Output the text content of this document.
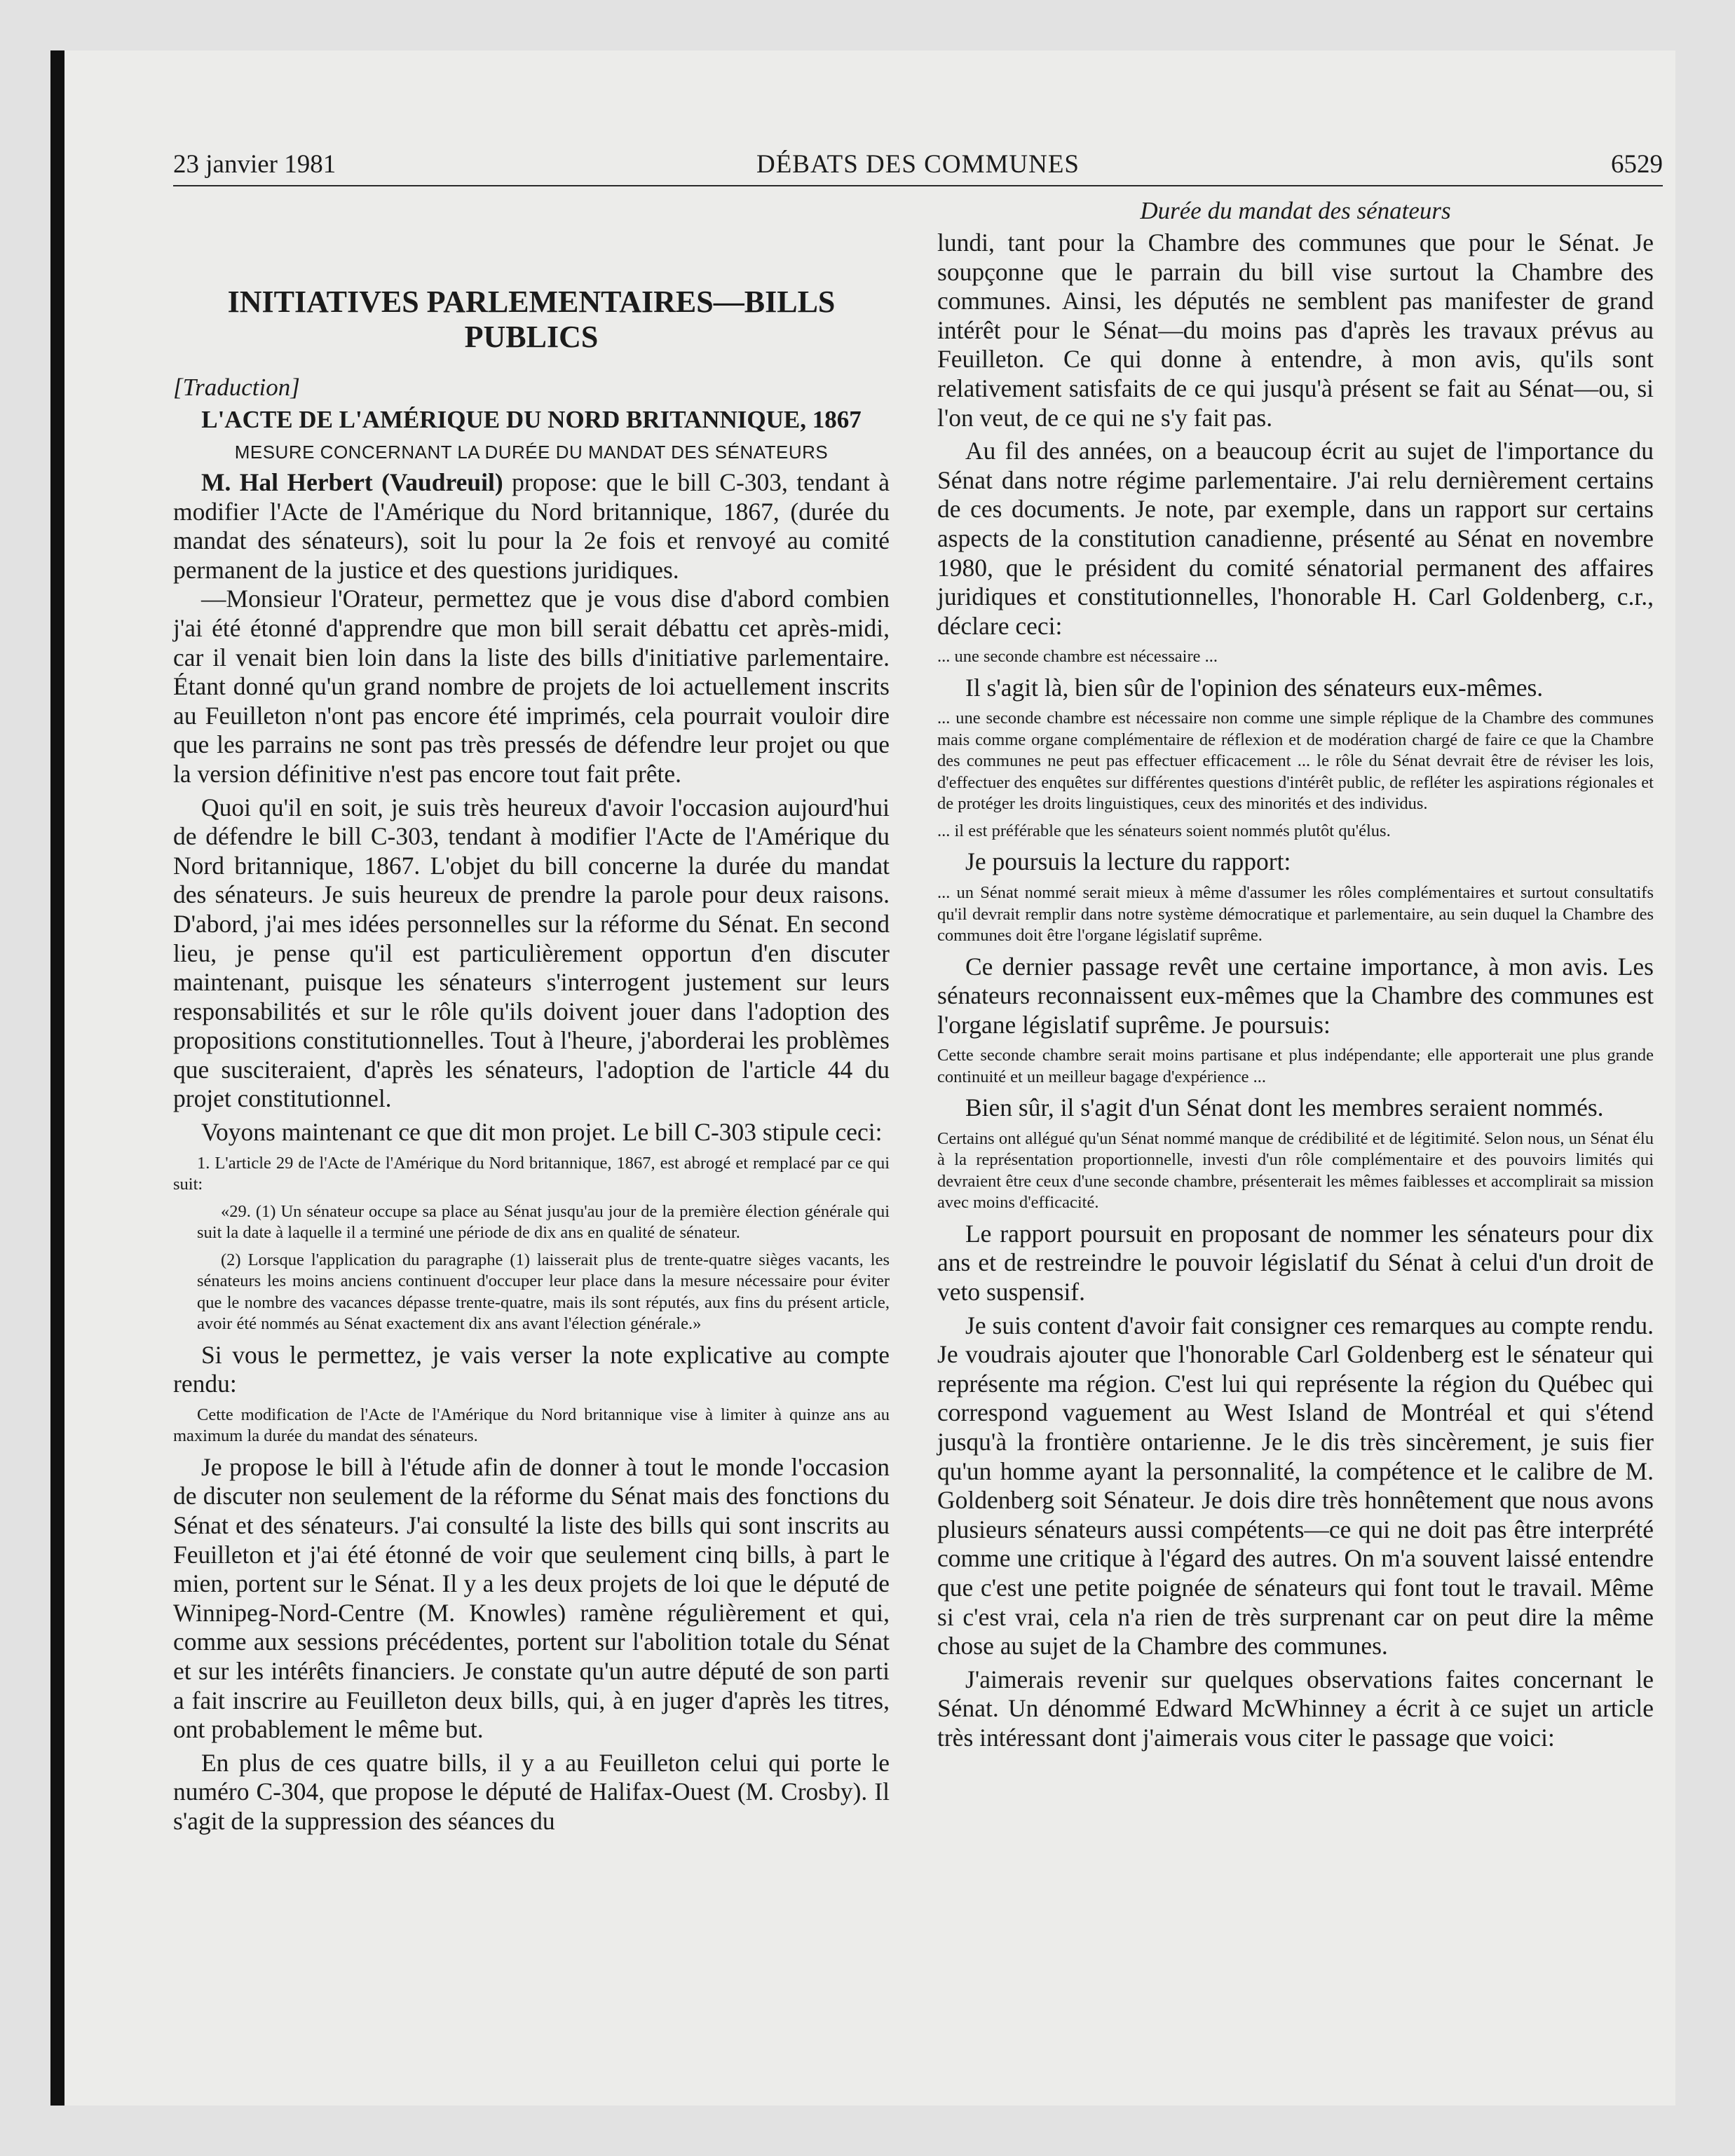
23 janvier 1981	DÉBATS DES COMMUNES	6529
INITIATIVES PARLEMENTAIRES—BILLS PUBLICS
[Traduction]
L'ACTE DE L'AMÉRIQUE DU NORD BRITANNIQUE, 1867
MESURE CONCERNANT LA DURÉE DU MANDAT DES SÉNATEURS

M. Hal Herbert (Vaudreuil) propose: que le bill C-303, tendant à modifier l'Acte de l'Amérique du Nord britannique, 1867, (durée du mandat des sénateurs), soit lu pour la 2e fois et renvoyé au comité permanent de la justice et des questions juridiques.

—Monsieur l'Orateur, permettez que je vous dise d'abord combien j'ai été étonné d'apprendre que mon bill serait débattu cet après-midi, car il venait bien loin dans la liste des bills d'initiative parlementaire. Étant donné qu'un grand nombre de projets de loi actuellement inscrits au Feuilleton n'ont pas encore été imprimés, cela pourrait vouloir dire que les parrains ne sont pas très pressés de défendre leur projet ou que la version définitive n'est pas encore tout fait prête.

Quoi qu'il en soit, je suis très heureux d'avoir l'occasion aujourd'hui de défendre le bill C-303, tendant à modifier l'Acte de l'Amérique du Nord britannique, 1867. L'objet du bill concerne la durée du mandat des sénateurs. Je suis heureux de prendre la parole pour deux raisons. D'abord, j'ai mes idées personnelles sur la réforme du Sénat. En second lieu, je pense qu'il est particulièrement opportun d'en discuter maintenant, puisque les sénateurs s'interrogent justement sur leurs responsabilités et sur le rôle qu'ils doivent jouer dans l'adoption des propositions constitutionnelles. Tout à l'heure, j'aborderai les problèmes que susciteraient, d'après les sénateurs, l'adoption de l'article 44 du projet constitutionnel.

Voyons maintenant ce que dit mon projet. Le bill C-303 stipule ceci:

1. L'article 29 de l'Acte de l'Amérique du Nord britannique, 1867, est abrogé et remplacé par ce qui suit:
«29. (1) Un sénateur occupe sa place au Sénat jusqu'au jour de la première élection générale qui suit la date à laquelle il a terminé une période de dix ans en qualité de sénateur.
(2) Lorsque l'application du paragraphe (1) laisserait plus de trente-quatre sièges vacants, les sénateurs les moins anciens continuent d'occuper leur place dans la mesure nécessaire pour éviter que le nombre des vacances dépasse trente-quatre, mais ils sont réputés, aux fins du présent article, avoir été nommés au Sénat exactement dix ans avant l'élection générale.»

Si vous le permettez, je vais verser la note explicative au compte rendu:

Cette modification de l'Acte de l'Amérique du Nord britannique vise à limiter à quinze ans au maximum la durée du mandat des sénateurs.

Je propose le bill à l'étude afin de donner à tout le monde l'occasion de discuter non seulement de la réforme du Sénat mais des fonctions du Sénat et des sénateurs. J'ai consulté la liste des bills qui sont inscrits au Feuilleton et j'ai été étonné de voir que seulement cinq bills, à part le mien, portent sur le Sénat. Il y a les deux projets de loi que le député de Winnipeg-Nord-Centre (M. Knowles) ramène régulièrement et qui, comme aux sessions précédentes, portent sur l'abolition totale du Sénat et sur les intérêts financiers. Je constate qu'un autre député de son parti a fait inscrire au Feuilleton deux bills, qui, à en juger d'après les titres, ont probablement le même but.

En plus de ces quatre bills, il y a au Feuilleton celui qui porte le numéro C-304, que propose le député de Halifax-Ouest (M. Crosby). Il s'agit de la suppression des séances du

Durée du mandat des sénateurs

lundi, tant pour la Chambre des communes que pour le Sénat. Je soupçonne que le parrain du bill vise surtout la Chambre des communes. Ainsi, les députés ne semblent pas manifester de grand intérêt pour le Sénat—du moins pas d'après les travaux prévus au Feuilleton. Ce qui donne à entendre, à mon avis, qu'ils sont relativement satisfaits de ce qui jusqu'à présent se fait au Sénat—ou, si l'on veut, de ce qui ne s'y fait pas.

Au fil des années, on a beaucoup écrit au sujet de l'importance du Sénat dans notre régime parlementaire. J'ai relu dernièrement certains de ces documents. Je note, par exemple, dans un rapport sur certains aspects de la constitution canadienne, présenté au Sénat en novembre 1980, que le président du comité sénatorial permanent des affaires juridiques et constitutionnelles, l'honorable H. Carl Goldenberg, c.r., déclare ceci:

... une seconde chambre est nécessaire ...

Il s'agit là, bien sûr de l'opinion des sénateurs eux-mêmes.

... une seconde chambre est nécessaire non comme une simple réplique de la Chambre des communes mais comme organe complémentaire de réflexion et de modération chargé de faire ce que la Chambre des communes ne peut pas effectuer efficacement ... le rôle du Sénat devrait être de réviser les lois, d'effectuer des enquêtes sur différentes questions d'intérêt public, de refléter les aspirations régionales et de protéger les droits linguistiques, ceux des minorités et des individus.
... il est préférable que les sénateurs soient nommés plutôt qu'élus.

Je poursuis la lecture du rapport:

... un Sénat nommé serait mieux à même d'assumer les rôles complémentaires et surtout consultatifs qu'il devrait remplir dans notre système démocratique et parlementaire, au sein duquel la Chambre des communes doit être l'organe législatif suprême.

Ce dernier passage revêt une certaine importance, à mon avis. Les sénateurs reconnaissent eux-mêmes que la Chambre des communes est l'organe législatif suprême. Je poursuis:

Cette seconde chambre serait moins partisane et plus indépendante; elle apporterait une plus grande continuité et un meilleur bagage d'expérience ...

Bien sûr, il s'agit d'un Sénat dont les membres seraient nommés.

Certains ont allégué qu'un Sénat nommé manque de crédibilité et de légitimité. Selon nous, un Sénat élu à la représentation proportionnelle, investi d'un rôle complémentaire et des pouvoirs limités qui devraient être ceux d'une seconde chambre, présenterait les mêmes faiblesses et accomplirait sa mission avec moins d'efficacité.

Le rapport poursuit en proposant de nommer les sénateurs pour dix ans et de restreindre le pouvoir législatif du Sénat à celui d'un droit de veto suspensif.

Je suis content d'avoir fait consigner ces remarques au compte rendu. Je voudrais ajouter que l'honorable Carl Goldenberg est le sénateur qui représente ma région. C'est lui qui représente la région du Québec qui correspond vaguement au West Island de Montréal et qui s'étend jusqu'à la frontière ontarienne. Je le dis très sincèrement, je suis fier qu'un homme ayant la personnalité, la compétence et le calibre de M. Goldenberg soit Sénateur. Je dois dire très honnêtement que nous avons plusieurs sénateurs aussi compétents—ce qui ne doit pas être interprété comme une critique à l'égard des autres. On m'a souvent laissé entendre que c'est une petite poignée de sénateurs qui font tout le travail. Même si c'est vrai, cela n'a rien de très surprenant car on peut dire la même chose au sujet de la Chambre des communes.

J'aimerais revenir sur quelques observations faites concernant le Sénat. Un dénommé Edward McWhinney a écrit à ce sujet un article très intéressant dont j'aimerais vous citer le passage que voici:
